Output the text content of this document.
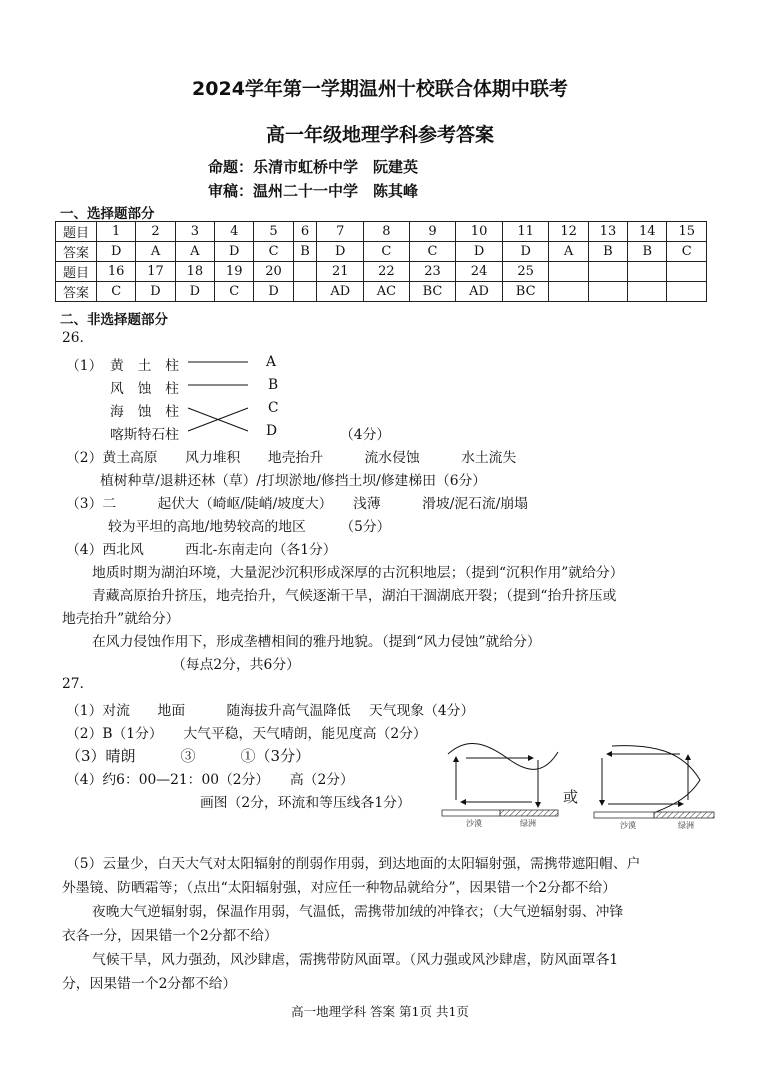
2024学年第一学期温州十校联合体期中联考
高一年级地理学科参考答案
命题：乐清市虹桥中学　阮建英
审稿：温州二十一中学　陈其峰
一、选择题部分
题目	1	2	3	4	5	6	7	8	9	10	11	12	13	14	15
答案	D	A	A	D	C	B	D	C	C	D	D	A	B	B	C
题目	16	17	18	19	20		21	22	23	24	25				
答案	C	D	D	C	D		AD	AC	BC	AD	BC				
二、非选择题部分
26.
（1） 黄　土　柱
风　蚀　柱
海　蚀　柱
喀斯特石柱
A
B
C
D	（4分）
（2）黄土高原　　风力堆积　　地壳抬升　　　流水侵蚀　　　水土流失
植树种草/退耕还林（草）/打坝淤地/修挡土坝/修建梯田（6分）
（3）二　　　起伏大（崎岖/陡峭/坡度大）　　浅薄　　　滑坡/泥石流/崩塌
较为平坦的高地/地势较高的地区　　　（5分）
（4）西北风　　　西北-东南走向（各1分）
地质时期为湖泊环境，大量泥沙沉积形成深厚的古沉积地层；（提到“沉积作用”就给分）
青藏高原抬升挤压，地壳抬升，气候逐渐干旱，湖泊干涸湖底开裂；（提到“抬升挤压或
地壳抬升”就给分）
在风力侵蚀作用下，形成垄槽相间的雅丹地貌。（提到“风力侵蚀”就给分）
（每点2分，共6分）
27.
（1）对流　　地面　　　随海拔升高气温降低　 天气现象（4分）
（2）B（1分）　　大气平稳，天气晴朗，能见度高（2分）
（3）晴朗　　　③　　　①（3分）
（4）约6：00—21：00（2分）　　高（2分）
画图（2分，环流和等压线各1分）
沙漠	绿洲
或
沙漠	绿洲
（5）云量少，白天大气对太阳辐射的削弱作用弱，到达地面的太阳辐射强，需携带遮阳帽、户
外墨镜、防晒霜等；（点出“太阳辐射强，对应任一种物品就给分”，因果错一个2分都不给）
夜晚大气逆辐射弱，保温作用弱，气温低，需携带加绒的冲锋衣；（大气逆辐射弱、冲锋
衣各一分，因果错一个2分都不给）
气候干旱，风力强劲，风沙肆虐，需携带防风面罩。（风力强或风沙肆虐，防风面罩各1
分，因果错一个2分都不给）
高一地理学科 答案 第1页 共1页
